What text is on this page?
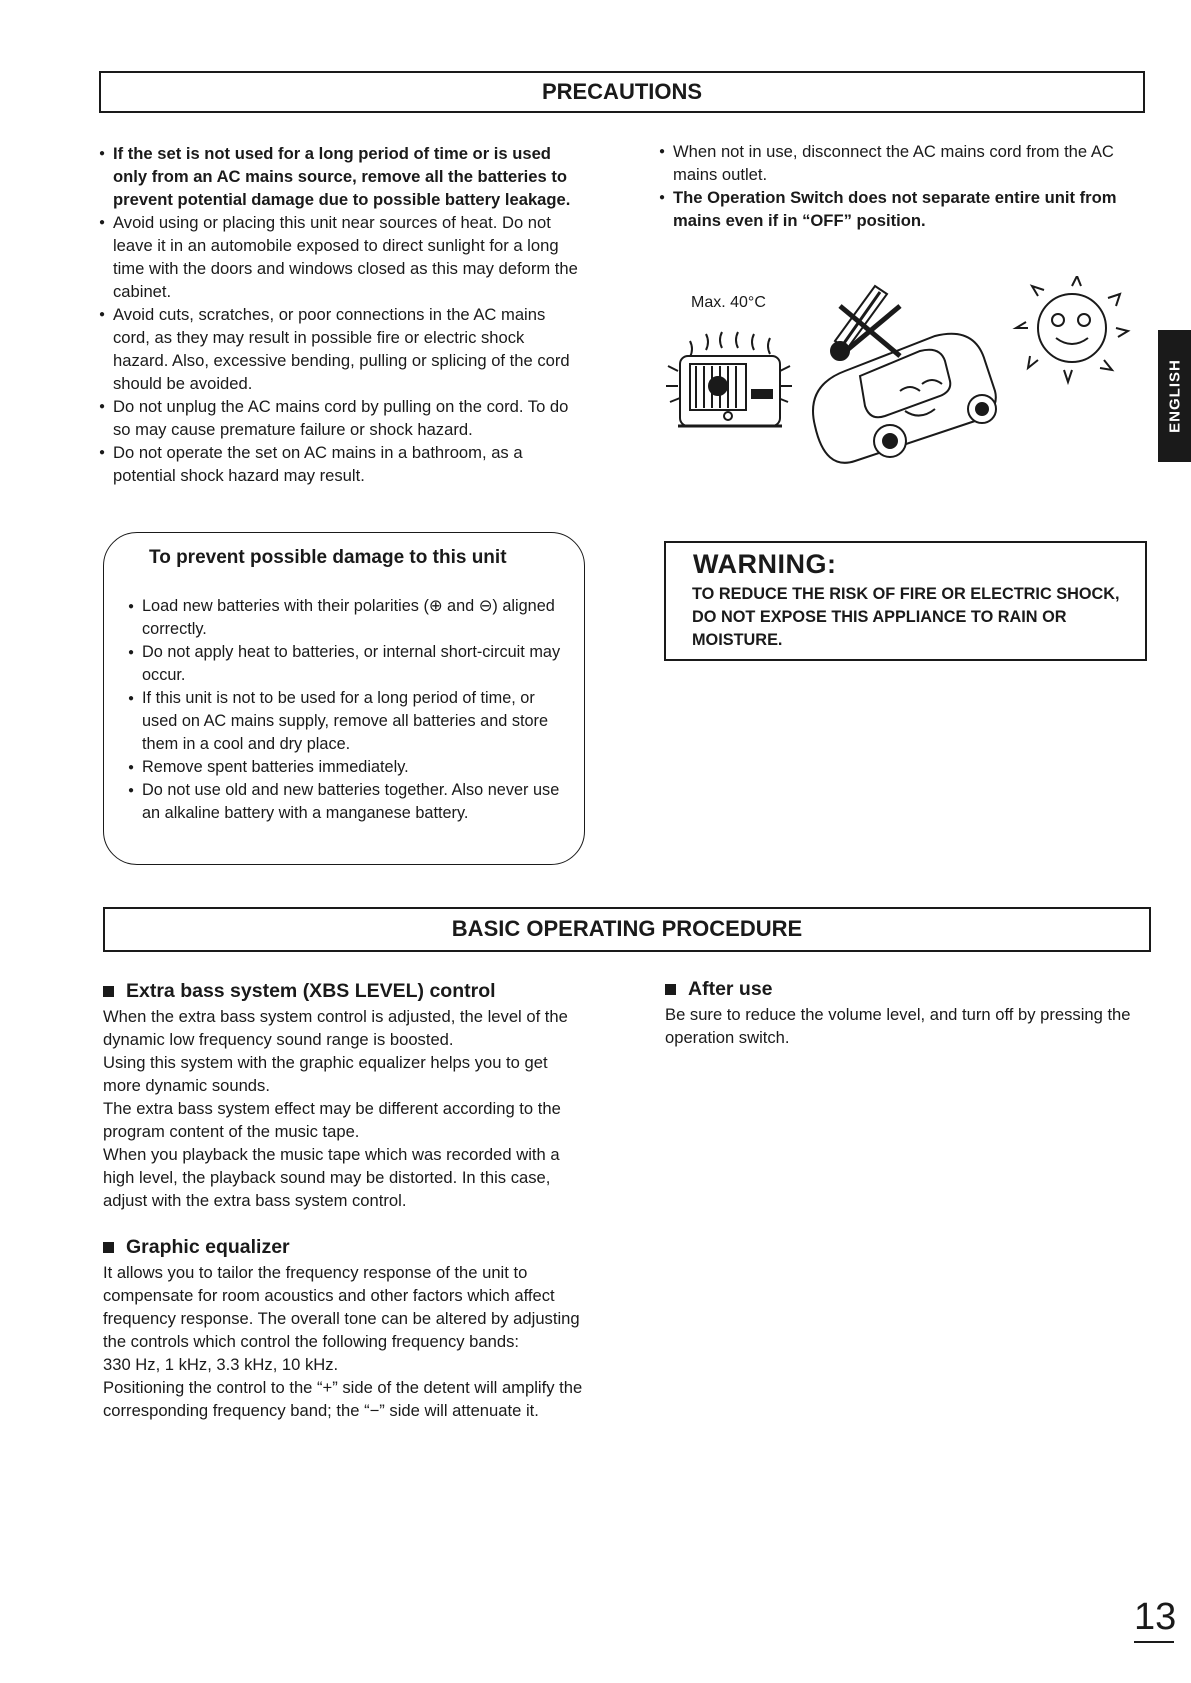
PRECAUTIONS
● If the set is not used for a long period of time or is used only from an AC mains source, remove all the batteries to prevent potential damage due to possible battery leakage.
● Avoid using or placing this unit near sources of heat. Do not leave it in an automobile exposed to direct sunlight for a long time with the doors and windows closed as this may deform the cabinet.
● Avoid cuts, scratches, or poor connections in the AC mains cord, as they may result in possible fire or electric shock hazard. Also, excessive bending, pulling or splicing of the cord should be avoided.
● Do not unplug the AC mains cord by pulling on the cord. To do so may cause premature failure or shock hazard.
● Do not operate the set on AC mains in a bathroom, as a potential shock hazard may result.
● When not in use, disconnect the AC mains cord from the AC mains outlet.
● The Operation Switch does not separate entire unit from mains even if in “OFF” position.
Max. 40°C
ENGLISH
To prevent possible damage to this unit
● Load new batteries with their polarities (⊕ and ⊖) aligned correctly.
● Do not apply heat to batteries, or internal short-circuit may occur.
● If this unit is not to be used for a long period of time, or used on AC mains supply, remove all batteries and store them in a cool and dry place.
● Remove spent batteries immediately.
● Do not use old and new batteries together. Also never use an alkaline battery with a manganese battery.
WARNING:
TO REDUCE THE RISK OF FIRE OR ELECTRIC SHOCK, DO NOT EXPOSE THIS APPLIANCE TO RAIN OR MOISTURE.
BASIC OPERATING PROCEDURE
Extra bass system (XBS LEVEL) control

When the extra bass system control is adjusted, the level of the dynamic low frequency sound range is boosted.

Using this system with the graphic equalizer helps you to get more dynamic sounds.

The extra bass system effect may be different according to the program content of the music tape.

When you playback the music tape which was recorded with a high level, the playback sound may be distorted. In this case, adjust with the extra bass system control.

Graphic equalizer

It allows you to tailor the frequency response of the unit to compensate for room acoustics and other factors which affect frequency response. The overall tone can be altered by adjusting the controls which control the following frequency bands:

330 Hz, 1 kHz, 3.3 kHz, 10 kHz.

Positioning the control to the “+” side of the detent will amplify the corresponding frequency band; the “−” side will attenuate it.

After use

Be sure to reduce the volume level, and turn off by pressing the operation switch.

13
